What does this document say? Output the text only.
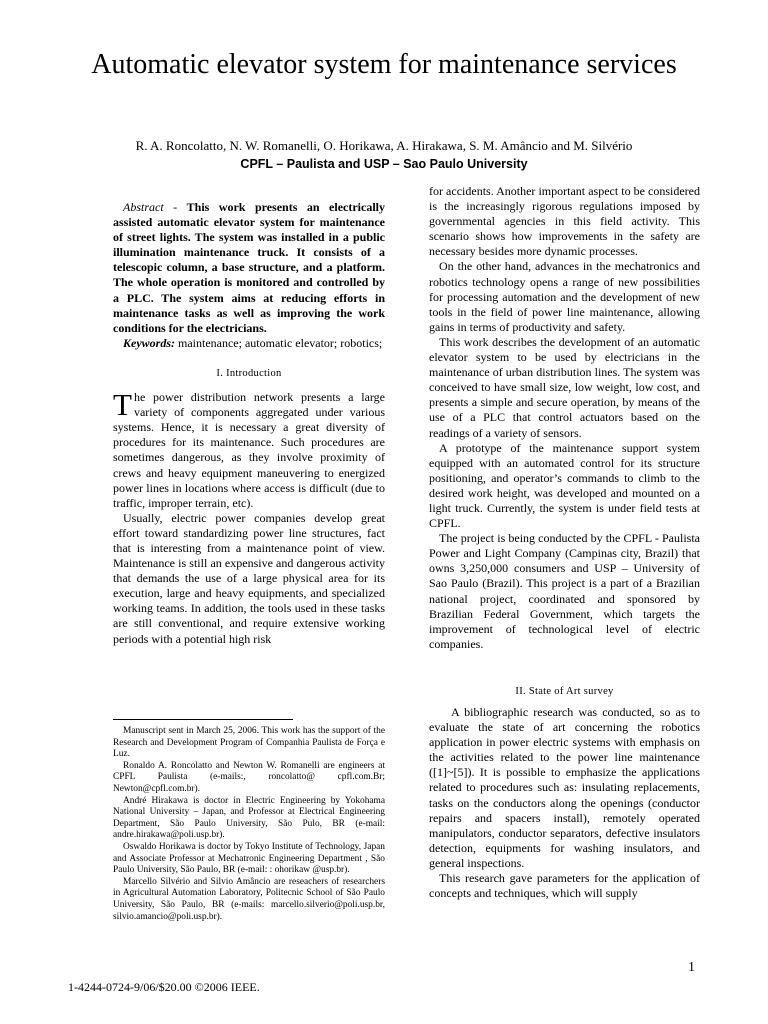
Automatic elevator system for maintenance services
R. A. Roncolatto, N. W. Romanelli, O. Horikawa, A. Hirakawa, S. M. Amâncio and M. Silvério
CPFL – Paulista and USP – Sao Paulo University

Abstract - This work presents an electrically assisted automatic elevator system for maintenance of street lights. The system was installed in a public illumination maintenance truck. It consists of a telescopic column, a base structure, and a platform. The whole operation is monitored and controlled by a PLC. The system aims at reducing efforts in maintenance tasks as well as improving the work conditions for the electricians.

Keywords: maintenance; automatic elevator; robotics;

I. Introduction

The power distribution network presents a large variety of components aggregated under various systems. Hence, it is necessary a great diversity of procedures for its maintenance. Such procedures are sometimes dangerous, as they involve proximity of crews and heavy equipment maneuvering to energized power lines in locations where access is difficult (due to traffic, improper terrain, etc).

Usually, electric power companies develop great effort toward standardizing power line structures, fact that is interesting from a maintenance point of view. Maintenance is still an expensive and dangerous activity that demands the use of a large physical area for its execution, large and heavy equipments, and specialized working teams. In addition, the tools used in these tasks are still conventional, and require extensive working periods with a potential high risk

for accidents. Another important aspect to be considered is the increasingly rigorous regulations imposed by governmental agencies in this field activity. This scenario shows how improvements in the safety are necessary besides more dynamic processes.

On the other hand, advances in the mechatronics and robotics technology opens a range of new possibilities for processing automation and the development of new tools in the field of power line maintenance, allowing gains in terms of productivity and safety.

This work describes the development of an automatic elevator system to be used by electricians in the maintenance of urban distribution lines. The system was conceived to have small size, low weight, low cost, and presents a simple and secure operation, by means of the use of a PLC that control actuators based on the readings of a variety of sensors.

A prototype of the maintenance support system equipped with an automated control for its structure positioning, and operator’s commands to climb to the desired work height, was developed and mounted on a light truck. Currently, the system is under field tests at CPFL.

The project is being conducted by the CPFL - Paulista Power and Light Company (Campinas city, Brazil) that owns 3,250,000 consumers and USP – University of Sao Paulo (Brazil). This project is a part of a Brazilian national project, coordinated and sponsored by Brazilian Federal Government, which targets the improvement of technological level of electric companies.

II. State of Art survey

A bibliographic research was conducted, so as to evaluate the state of art concerning the robotics application in power electric systems with emphasis on the activities related to the power line maintenance ([1]~[5]). It is possible to emphasize the applications related to procedures such as: insulating replacements, tasks on the conductors along the openings (conductor repairs and spacers install), remotely operated manipulators, conductor separators, defective insulators detection, equipments for washing insulators, and general inspections.

This research gave parameters for the application of concepts and techniques, which will supply

Manuscript sent in March 25, 2006. This work has the support of the Research and Development Program of Companhia Paulista de Força e Luz.

Ronaldo A. Roncolatto and Newton W. Romanelli are engineers at CPFL Paulista (e-mails:, roncolatto@ cpfl.com.Br; Newton@cpfl.com.br).

André Hirakawa is doctor in Electric Engineering by Yokohama National University – Japan, and Professor at Electrical Engineering Department, São Paulo University, São Pulo, BR (e-mail: andre.hirakawa@poli.usp.br).

Oswaldo Horikawa is doctor by Tokyo Institute of Technology, Japan and Associate Professor at Mechatronic Engineering Department , São Paulo University, São Paulo, BR (e-mail: : ohorikaw @usp.br).

Marcello Silvério and Silvio Amâncio are reseachers of researchers in Agricultural Automation Laboratory, Politecnic School of São Paulo University, São Paulo, BR (e-mails: marcello.silverio@poli.usp.br, silvio.amancio@poli.usp.br).

1
1-4244-0724-9/06/$20.00 ©2006 IEEE.
